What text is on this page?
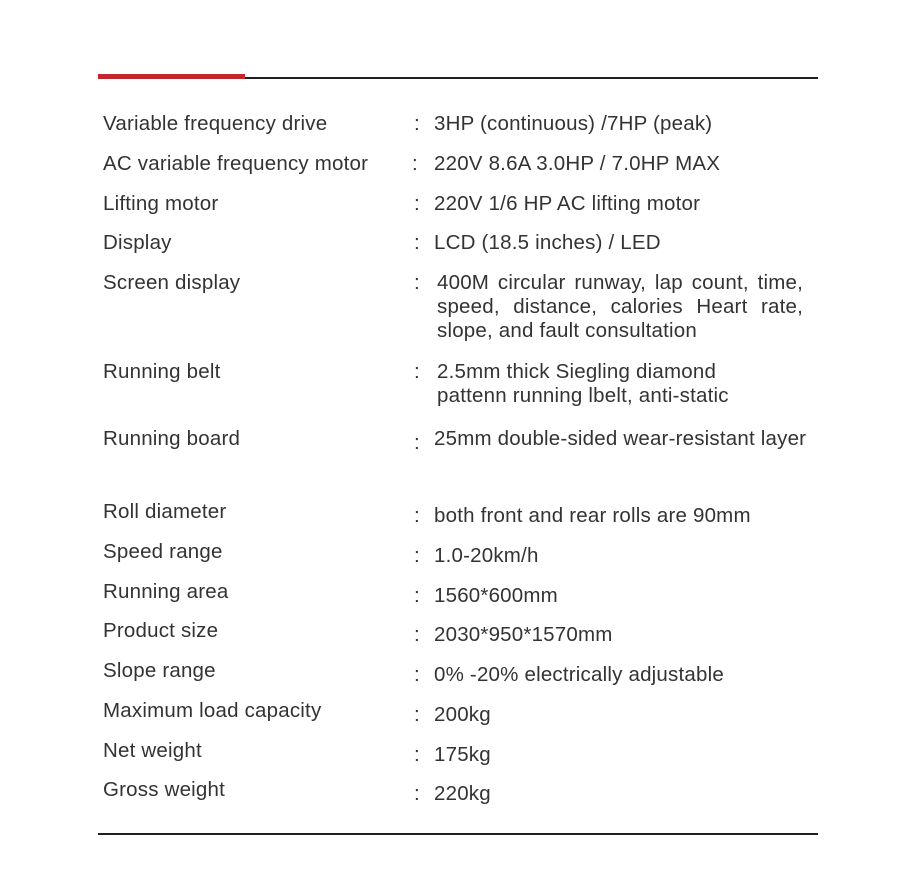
Variable frequency drive	: 3HP (continuous) /7HP (peak)
AC variable frequency motor : 220V 8.6A 3.0HP / 7.0HP MAX
Lifting motor	: 220V 1/6 HP AC lifting motor
Display	: LCD (18.5 inches) / LED
Screen display	: 400M circular runway, lap count, time, speed, distance, calories Heart rate, slope, and fault consultation
Running belt	: 2.5mm thick Siegling diamond pattenn running lbelt, anti-static
Running board	: 25mm double-sided wear-resistant layer
Roll diameter	: both front and rear rolls are 90mm
Speed range	: 1.0-20km/h
Running area	: 1560*600mm
Product size	: 2030*950*1570mm
Slope range	: 0% -20% electrically adjustable
Maximum load capacity	: 200kg
Net weight	: 175kg
Gross weight	: 220kg
